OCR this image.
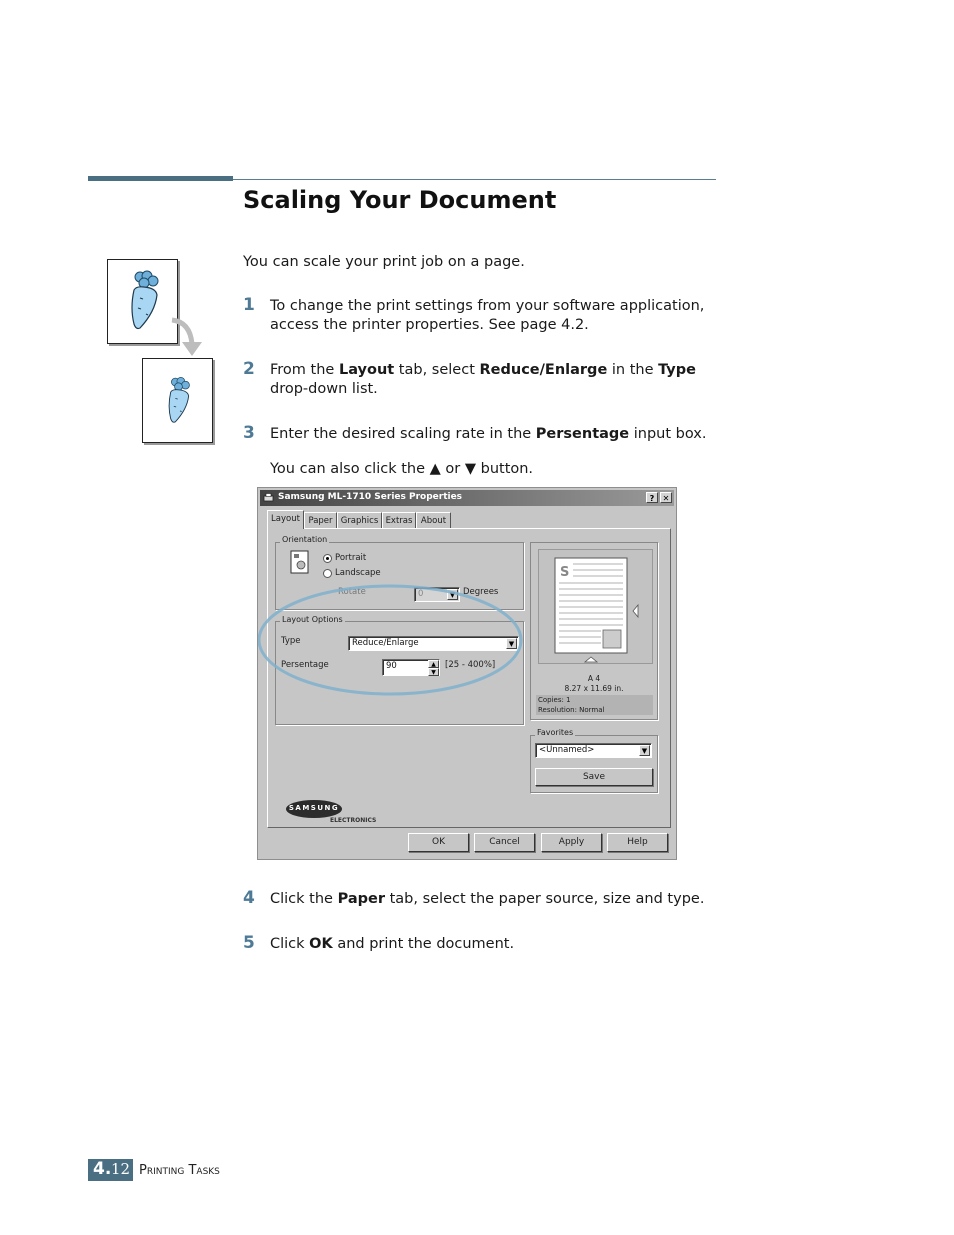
Scaling Your Document
You can scale your print job on a page.
1 To change the print settings from your software application, access the printer properties. See page 4.2.
2 From the Layout tab, select Reduce/Enlarge in the Type drop-down list.
3 Enter the desired scaling rate in the Persentage input box.
You can also click the ▲ or ▼ button.
Samsung ML-1710 Series Properties	?	✕
Layout	Paper Graphics Extras About
Orientation
Portrait
Landscape
Rotate	0	▼ Degrees
Layout Options
Type	Reduce/Enlarge	▼
Persentage	90	▲
▼
[25 - 400%]
S
A 4
8.27 x 11.69 in.
Copies: 1
Resolution: Normal
Favorites
<Unnamed>	▼
Save
SAMSUNG
ELECTRONICS
OK	Cancel	Apply	Help
4 Click the Paper tab, select the paper source, size and type.
5 Click OK and print the document.
4. 12 Printing Tasks
